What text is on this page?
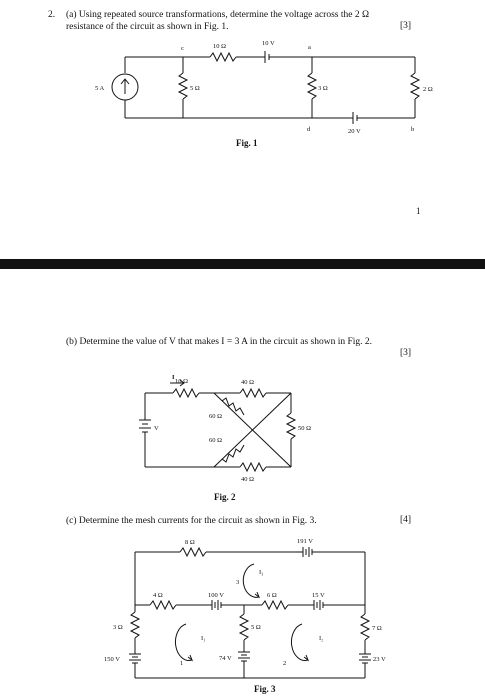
2. (a) Using repeated source transformations, determine the voltage across the 2 Ω
resistance of the circuit as shown in Fig. 1.	[3]
5 A	5 Ω
10 Ω	10 V
3 Ω
20 V
2 Ω
c	a
d	b
Fig. 1
1
(b) Determine the value of V that makes I = 3 A in the circuit as shown in Fig. 2.
[3]
I
10 Ω	40 Ω
60 Ω
60 Ω
50 Ω
40 Ω
V
Fig. 2
(c) Determine the mesh currents for the circuit as shown in Fig. 3.	[4]
8 Ω	191 V
4 Ω	100 V	6 Ω	15 V
3 Ω	5 Ω	7 Ω
150 V	74 V	23 V
I₁	I₂
I₃
1	2
3
Fig. 3
